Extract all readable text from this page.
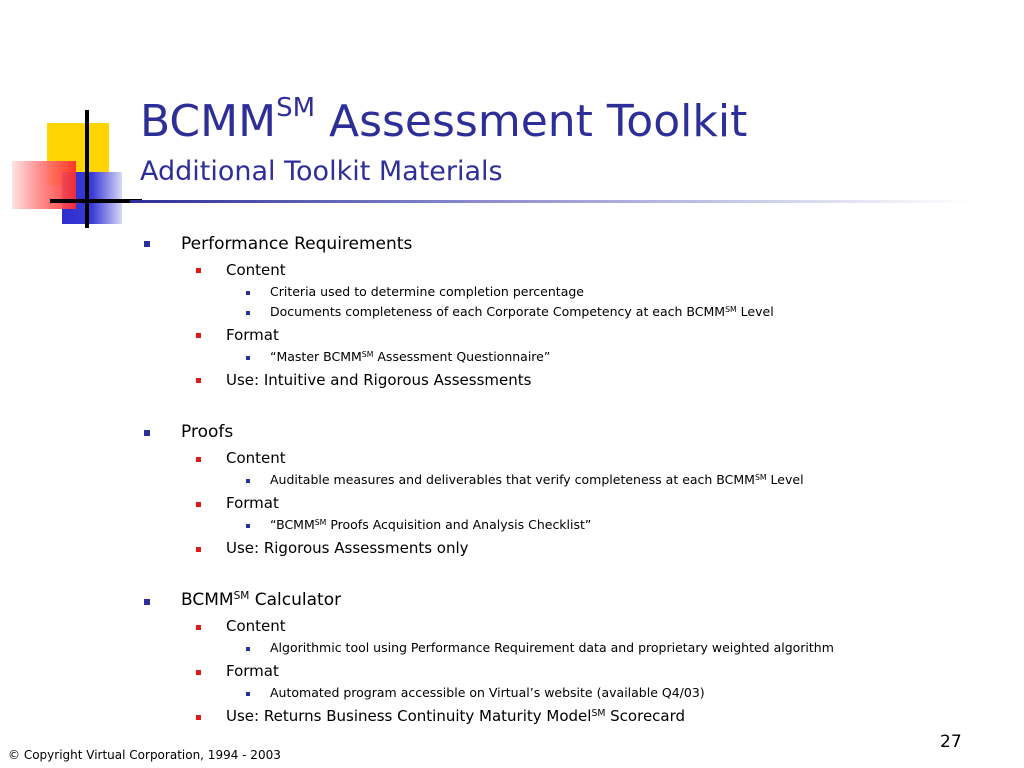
BCMM℠ Assessment Toolkit
Additional Toolkit Materials
Performance Requirements
Content
Criteria used to determine completion percentage
Documents completeness of each Corporate Competency at each BCMM℠ Level
Format
“Master BCMM℠ Assessment Questionnaire”
Use: Intuitive and Rigorous Assessments
Proofs
Content
Auditable measures and deliverables that verify completeness at each BCMM℠ Level
Format
“BCMM℠ Proofs Acquisition and Analysis Checklist”
Use: Rigorous Assessments only
BCMM℠ Calculator
Content
Algorithmic tool using Performance Requirement data and proprietary weighted algorithm
Format
Automated program accessible on Virtual’s website (available Q4/03)
Use: Returns Business Continuity Maturity Model℠ Scorecard
27
© Copyright Virtual Corporation, 1994 - 2003
